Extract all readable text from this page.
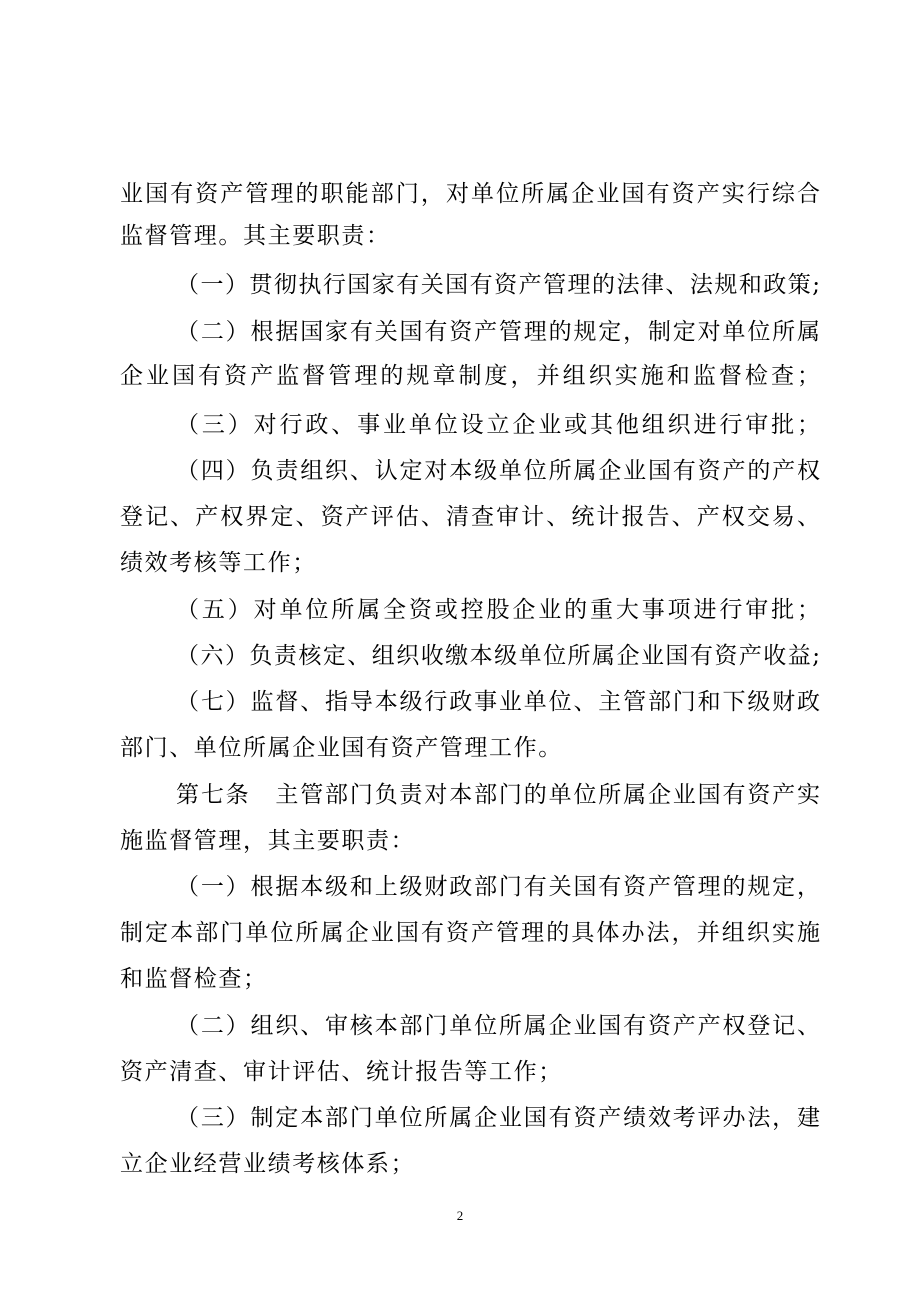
业国有资产管理的职能部门，对单位所属企业国有资产实行综合
监督管理。其主要职责：
（一）贯彻执行国家有关国有资产管理的法律、法规和政策;
（二）根据国家有关国有资产管理的规定，制定对单位所属
企业国有资产监督管理的规章制度，并组织实施和监督检查；
（三）对行政、事业单位设立企业或其他组织进行审批；
（四）负责组织、认定对本级单位所属企业国有资产的产权
登记、产权界定、资产评估、清查审计、统计报告、产权交易、
绩效考核等工作；
（五）对单位所属全资或控股企业的重大事项进行审批；
（六）负责核定、组织收缴本级单位所属企业国有资产收益;
（七）监督、指导本级行政事业单位、主管部门和下级财政
部门、单位所属企业国有资产管理工作。
第七条　主管部门负责对本部门的单位所属企业国有资产实
施监督管理，其主要职责：
（一）根据本级和上级财政部门有关国有资产管理的规定，
制定本部门单位所属企业国有资产管理的具体办法，并组织实施
和监督检查；
（二）组织、审核本部门单位所属企业国有资产产权登记、
资产清查、审计评估、统计报告等工作；
（三）制定本部门单位所属企业国有资产绩效考评办法，建
立企业经营业绩考核体系；
2
